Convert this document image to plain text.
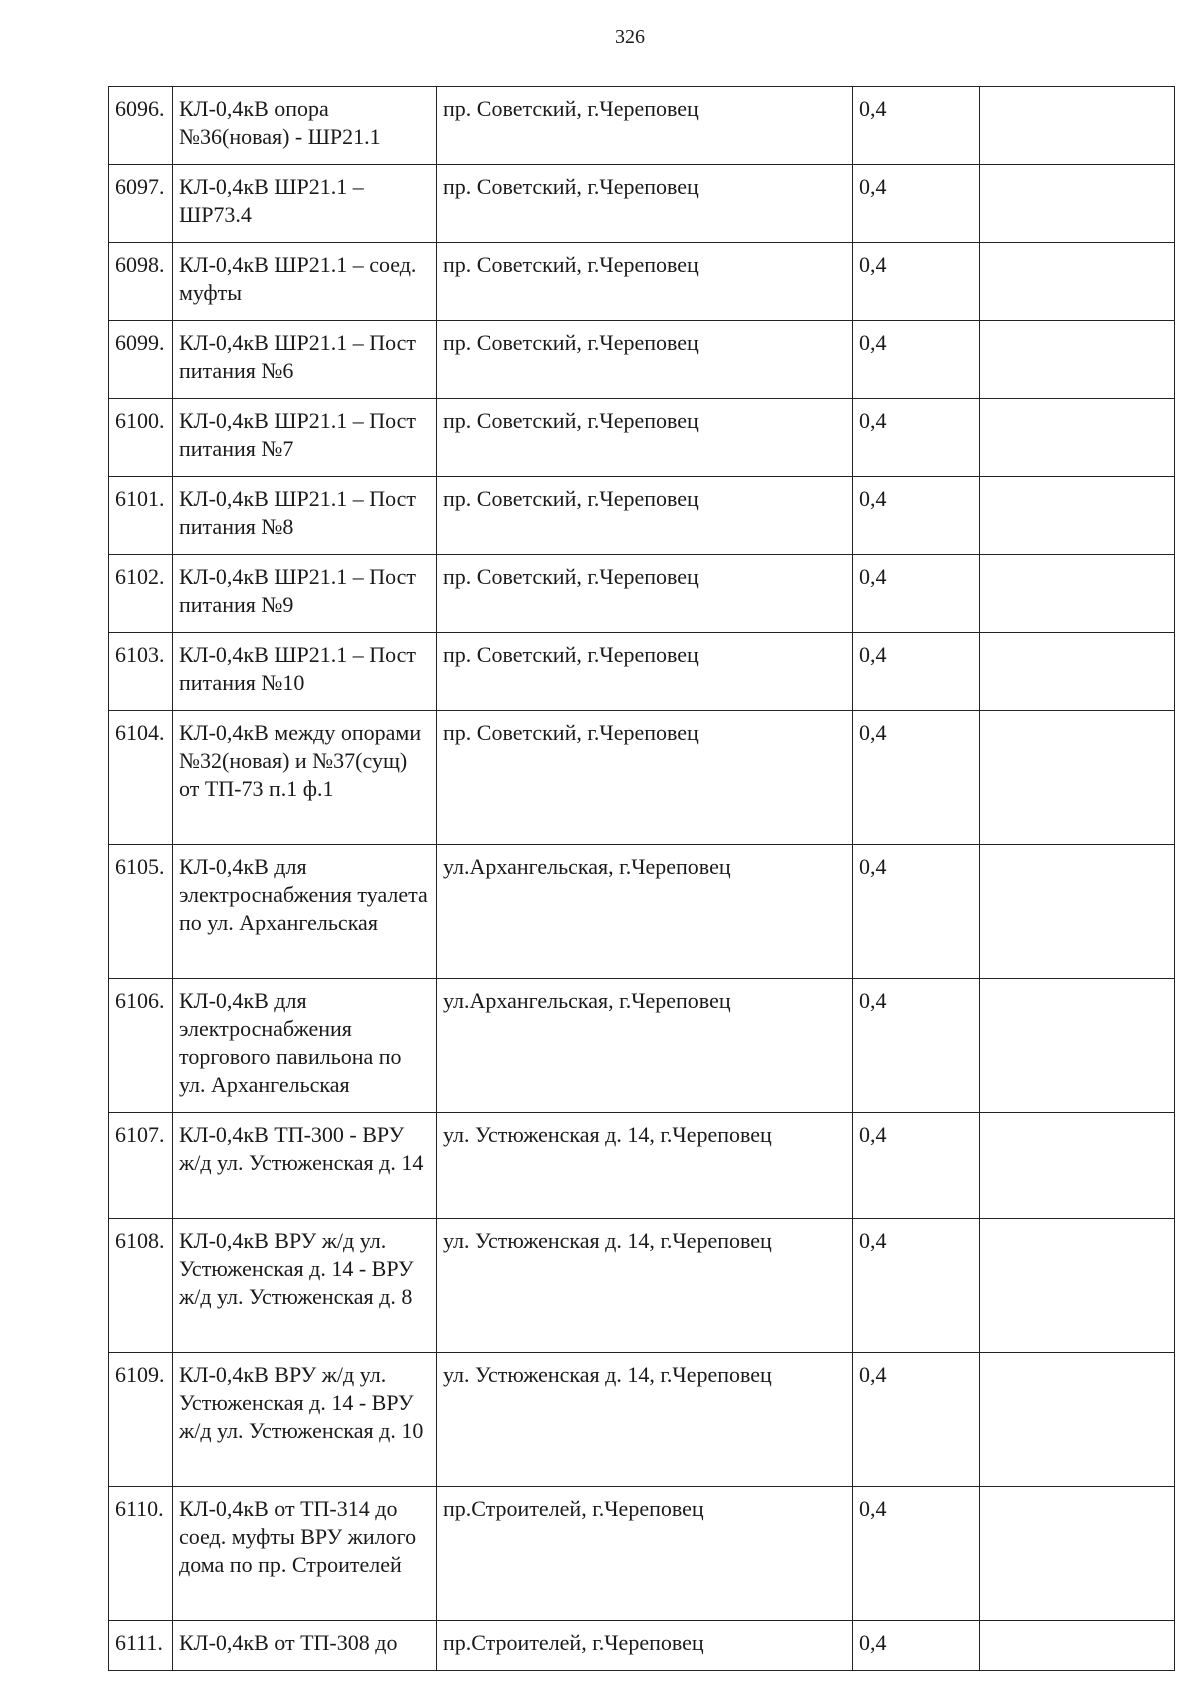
326
6096.	КЛ-0,4кВ опора №36(новая) - ШР21.1	пр. Советский, г.Череповец	0,4	
6097.	КЛ-0,4кВ ШР21.1 – ШР73.4	пр. Советский, г.Череповец	0,4	
6098.	КЛ-0,4кВ ШР21.1 – соед. муфты	пр. Советский, г.Череповец	0,4	
6099.	КЛ-0,4кВ ШР21.1 – Пост питания №6	пр. Советский, г.Череповец	0,4	
6100.	КЛ-0,4кВ ШР21.1 – Пост питания №7	пр. Советский, г.Череповец	0,4	
6101.	КЛ-0,4кВ ШР21.1 – Пост питания №8	пр. Советский, г.Череповец	0,4	
6102.	КЛ-0,4кВ ШР21.1 – Пост питания №9	пр. Советский, г.Череповец	0,4	
6103.	КЛ-0,4кВ ШР21.1 – Пост питания №10	пр. Советский, г.Череповец	0,4	
6104.	КЛ-0,4кВ между опорами №32(новая) и №37(сущ) от ТП-73 п.1 ф.1	пр. Советский, г.Череповец	0,4	
6105.	КЛ-0,4кВ для электроснабжения туалета по ул. Архангельская	ул.Архангельская, г.Череповец	0,4	
6106.	КЛ-0,4кВ для электроснабжения торгового павильона по ул. Архангельская	ул.Архангельская, г.Череповец	0,4	
6107.	КЛ-0,4кВ ТП-300 - ВРУ ж/д ул. Устюженская д. 14	ул. Устюженская д. 14, г.Череповец	0,4	
6108.	КЛ-0,4кВ ВРУ ж/д ул. Устюженская д. 14 - ВРУ ж/д ул. Устюженская д. 8	ул. Устюженская д. 14, г.Череповец	0,4	
6109.	КЛ-0,4кВ ВРУ ж/д ул. Устюженская д. 14 - ВРУ ж/д ул. Устюженская д. 10	ул. Устюженская д. 14, г.Череповец	0,4	
6110.	КЛ-0,4кВ от ТП-314 до соед. муфты ВРУ жилого дома по пр. Строителей	пр.Строителей, г.Череповец	0,4	
6111.	КЛ-0,4кВ от ТП-308 до	пр.Строителей, г.Череповец	0,4	
